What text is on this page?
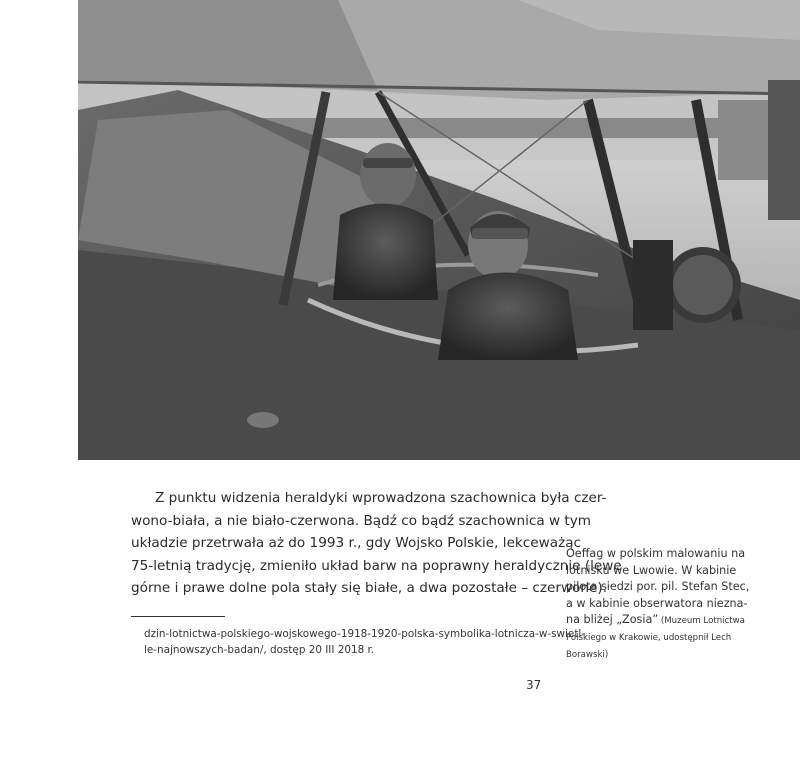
Z punktu widzenia heraldyki wprowadzona szachownica była czer-
wono-biała, a nie biało-czerwona. Bądź co bądź szachownica w tym
układzie przetrwała aż do 1993 r., gdy Wojsko Polskie, lekceważąc
75-letnią tradycję, zmieniło układ barw na poprawny heraldycznie (lewe
górne i prawe dolne pola stały się białe, a dwa pozostałe – czerwone).

dzin-lotnictwa-polskiego-wojskowego-1918-1920-polska-symbolika-lotnicza-w-swietl-
le-najnowszych-badan/, dostęp 20 III 2018 r.
Oeffag w polskim malowaniu na
lotnisku we Lwowie. W kabinie
pilota siedzi por. pil. Stefan Stec,
a w kabinie obserwatora niezna-
na bliżej „Zosia” (Muzeum Lotnictwa
Polskiego w Krakowie, udostępnił Lech
Borawski)
37
